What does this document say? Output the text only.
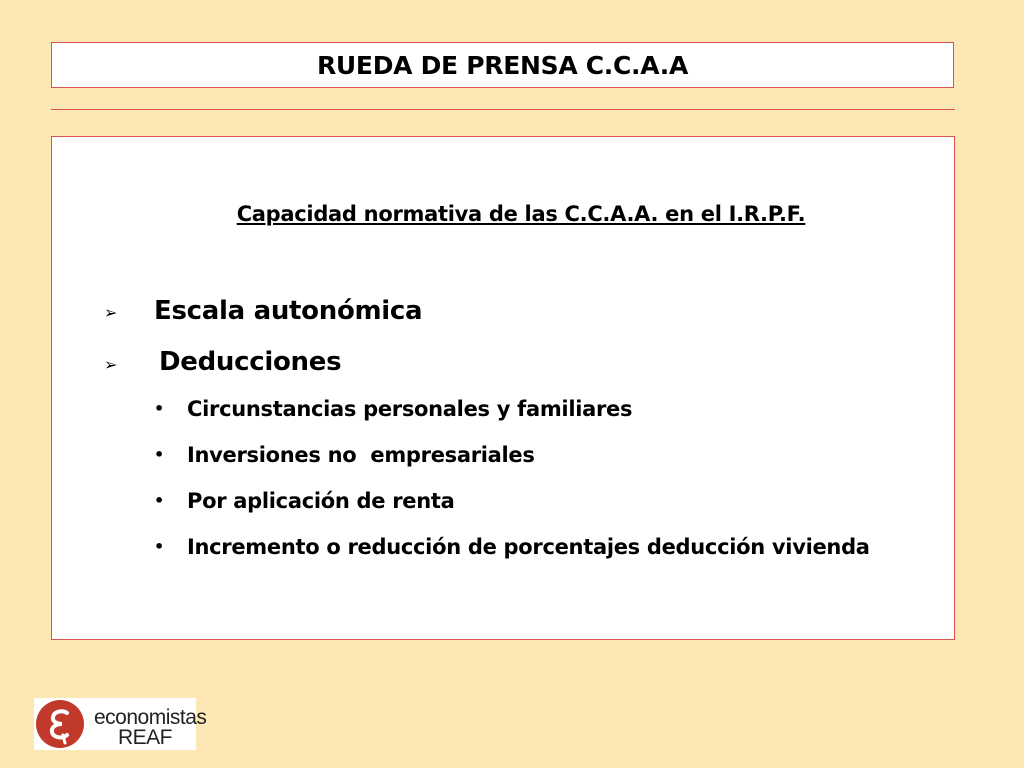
RUEDA DE PRENSA C.C.A.A
Capacidad normativa de las C.C.A.A. en el I.R.P.F.
➢ Escala autonómica
➢ Deducciones
• Circunstancias personales y familiares
• Inversiones no  empresariales
• Por aplicación de renta
• Incremento o reducción de porcentajes deducción vivienda
economistas
REAF
